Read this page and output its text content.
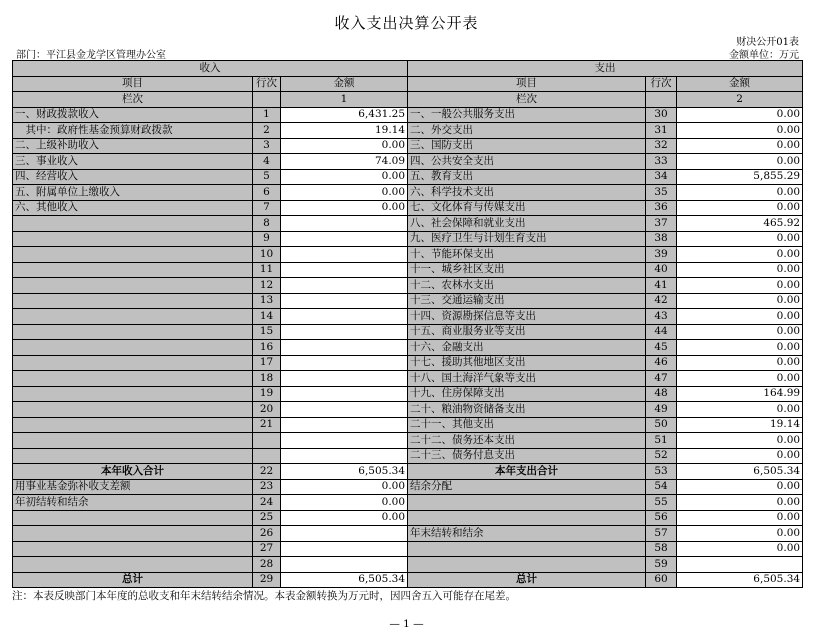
收入支出决算公开表
财决公开01表
部门：平江县金龙学区管理办公室	金额单位：万元
收入			支出		
项目	行次	金额	项目	行次	金额
栏次		1	栏次		2
一、财政拨款收入	1	6,431.25	一、一般公共服务支出	30	0.00
　其中：政府性基金预算财政拨款	2	19.14	二、外交支出	31	0.00
二、上级补助收入	3	0.00	三、国防支出	32	0.00
三、事业收入	4	74.09	四、公共安全支出	33	0.00
四、经营收入	5	0.00	五、教育支出	34	5,855.29
五、附属单位上缴收入	6	0.00	六、科学技术支出	35	0.00
六、其他收入	7	0.00	七、文化体育与传媒支出	36	0.00
	8		八、社会保障和就业支出	37	465.92
	9		九、医疗卫生与计划生育支出	38	0.00
	10		十、节能环保支出	39	0.00
	11		十一、城乡社区支出	40	0.00
	12		十二、农林水支出	41	0.00
	13		十三、交通运输支出	42	0.00
	14		十四、资源勘探信息等支出	43	0.00
	15		十五、商业服务业等支出	44	0.00
	16		十六、金融支出	45	0.00
	17		十七、援助其他地区支出	46	0.00
	18		十八、国土海洋气象等支出	47	0.00
	19		十九、住房保障支出	48	164.99
	20		二十、粮油物资储备支出	49	0.00
	21		二十一、其他支出	50	19.14
			二十二、债务还本支出	51	0.00
			二十三、债务付息支出	52	0.00
本年收入合计	22	6,505.34	本年支出合计	53	6,505.34
用事业基金弥补收支差额	23	0.00	结余分配	54	0.00
年初结转和结余	24	0.00		55	0.00
	25	0.00		56	0.00
	26		年末结转和结余	57	0.00
	27			58	0.00
	28			59	
总计	29	6,505.34	总计	60	6,505.34
注：本表反映部门本年度的总收支和年末结转结余情况。本表金额转换为万元时，因四舍五入可能存在尾差。
— 1 —
